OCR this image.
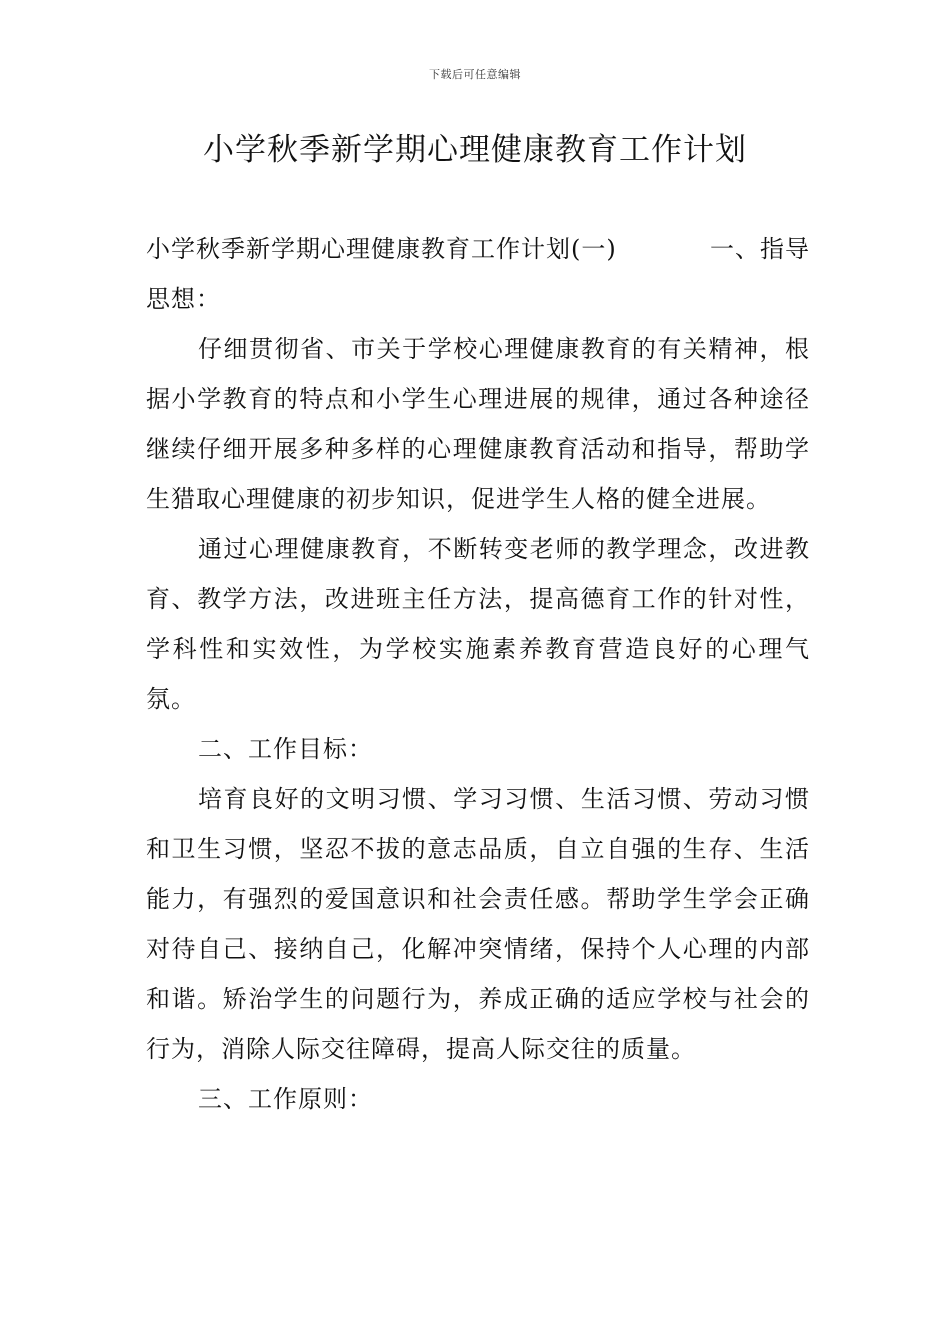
下载后可任意编辑
小学秋季新学期心理健康教育工作计划
小学秋季新学期心理健康教育工作计划(一)	一、指导

思想：

仔细贯彻省、市关于学校心理健康教育的有关精神，根据小学教育的特点和小学生心理进展的规律，通过各种途径继续仔细开展多种多样的心理健康教育活动和指导，帮助学生猎取心理健康的初步知识，促进学生人格的健全进展。

通过心理健康教育，不断转变老师的教学理念，改进教育、教学方法，改进班主任方法，提高德育工作的针对性，学科性和实效性，为学校实施素养教育营造良好的心理气氛。

二、工作目标：

培育良好的文明习惯、学习习惯、生活习惯、劳动习惯和卫生习惯，坚忍不拔的意志品质，自立自强的生存、生活能力，有强烈的爱国意识和社会责任感。帮助学生学会正确对待自己、接纳自己，化解冲突情绪，保持个人心理的内部和谐。矫治学生的问题行为，养成正确的适应学校与社会的行为，消除人际交往障碍，提高人际交往的质量。

三、工作原则：
